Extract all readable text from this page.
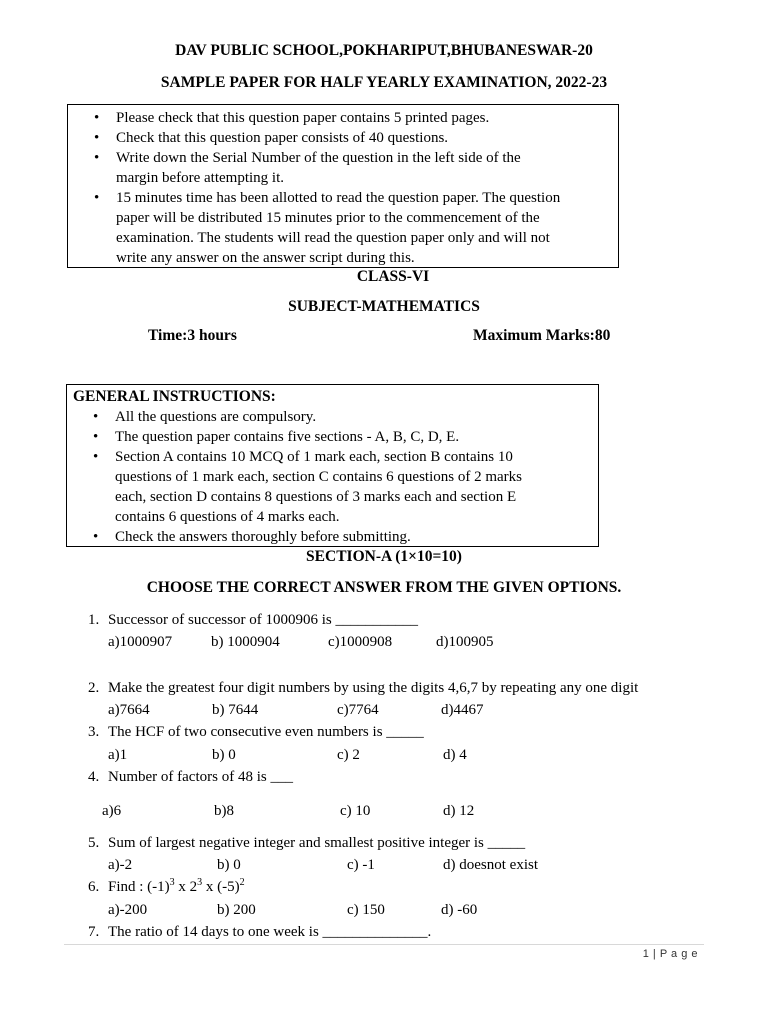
DAV PUBLIC SCHOOL,POKHARIPUT,BHUBANESWAR-20
SAMPLE PAPER FOR HALF YEARLY EXAMINATION, 2022-23
• Please check that this question paper contains 5 printed pages.
• Check that this question paper consists of 40 questions.
• Write down the Serial Number of the question in the left side of the
margin before attempting it.
• 15 minutes time has been allotted to read the question paper. The question
paper will be distributed 15 minutes prior to the commencement of the
examination. The students will read the question paper only and will not
write any answer on the answer script during this.
CLASS-VI
SUBJECT-MATHEMATICS
Time:3 hours	Maximum Marks:80
GENERAL INSTRUCTIONS:
• All the questions are compulsory.
• The question paper contains five sections - A, B, C, D, E.
• Section A contains 10 MCQ of 1 mark each, section B contains 10
questions of 1 mark each, section C contains 6 questions of 2 marks
each, section D contains 8 questions of 3 marks each and section E
contains 6 questions of 4 marks each.
• Check the answers thoroughly before submitting.
SECTION-A (1×10=10)
CHOOSE THE CORRECT ANSWER FROM THE GIVEN OPTIONS.
1. Successor of successor of 1000906 is ___________
a)1000907	b) 1000904	c)1000908	d)100905
2. Make the greatest four digit numbers by using the digits 4,6,7 by repeating any one digit
a)7664	b) 7644	c)7764	d)4467
3. The HCF of two consecutive even numbers is _____
a)1	b) 0	c) 2	d) 4
4. Number of factors of 48 is ___
a)6	b)8	c) 10	d) 12
5. Sum of largest negative integer and smallest positive integer is _____
a)-2	b) 0	c) -1	d) doesnot exist
6. Find : $(-1)^3$ x $2^3$ x $(-5)^2$
a)-200	b) 200	c) 150	d) -60
7. The ratio of 14 days to one week is ______________.
1 | P a g e
